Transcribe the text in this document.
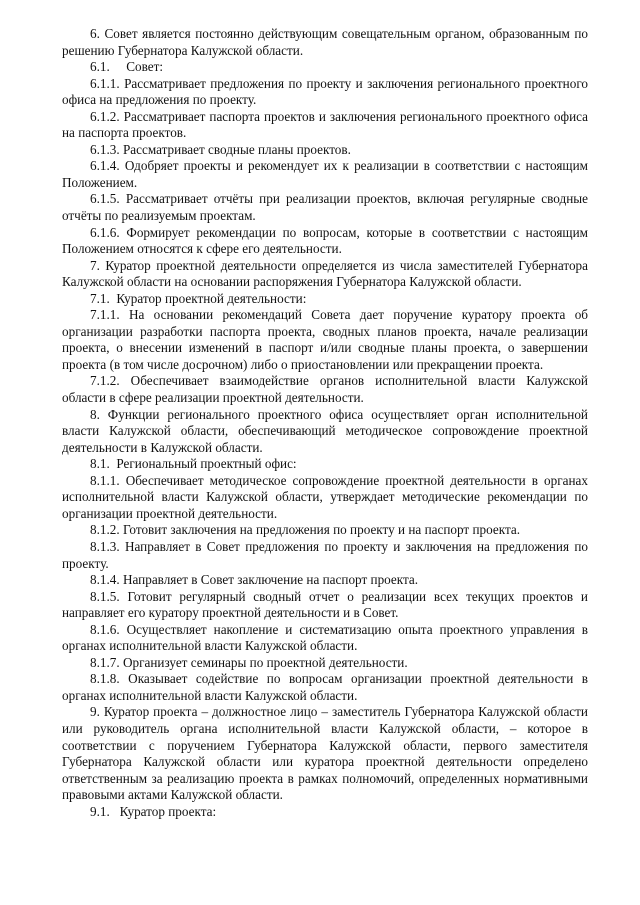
6. Совет является постоянно действующим совещательным органом, образованным по решению Губернатора Калужской области.

6.1.     Совет:

6.1.1. Рассматривает предложения по проекту и заключения регионального проектного офиса на предложения по проекту.

6.1.2. Рассматривает паспорта проектов и заключения регионального проектного офиса на паспорта проектов.

6.1.3. Рассматривает сводные планы проектов.

6.1.4. Одобряет проекты и рекомендует их к реализации в соответствии с настоящим Положением.

6.1.5. Рассматривает отчёты при реализации проектов, включая регулярные сводные отчёты по реализуемым проектам.

6.1.6. Формирует рекомендации по вопросам, которые в соответствии с настоящим Положением относятся к сфере его деятельности.

7. Куратор проектной деятельности определяется из числа заместителей Губернатора Калужской области на основании распоряжения Губернатора Калужской области.

7.1.  Куратор проектной деятельности:

7.1.1. На основании рекомендаций Совета дает поручение куратору проекта об организации разработки паспорта проекта, сводных планов проекта, начале реализации проекта, о внесении изменений в паспорт и/или сводные планы проекта, о завершении проекта (в том числе досрочном) либо о приостановлении или прекращении проекта.

7.1.2. Обеспечивает взаимодействие органов исполнительной власти Калужской области в сфере реализации проектной деятельности.

8. Функции регионального проектного офиса осуществляет орган исполнительной власти Калужской области, обеспечивающий методическое сопровождение проектной деятельности в Калужской области.

8.1.  Региональный проектный офис:

8.1.1. Обеспечивает методическое сопровождение проектной деятельности в органах исполнительной власти Калужской области, утверждает методические рекомендации по организации проектной деятельности.

8.1.2. Готовит заключения на предложения по проекту и на паспорт проекта.

8.1.3. Направляет в Совет предложения по проекту и заключения на предложения по проекту.

8.1.4. Направляет в Совет заключение на паспорт проекта.

8.1.5. Готовит регулярный сводный отчет о реализации всех текущих проектов и направляет его куратору проектной деятельности и в Совет.

8.1.6. Осуществляет накопление и систематизацию опыта проектного управления в органах исполнительной власти Калужской области.

8.1.7. Организует семинары по проектной деятельности.

8.1.8. Оказывает содействие по вопросам организации проектной деятельности в органах исполнительной власти Калужской области.

9. Куратор проекта – должностное лицо – заместитель Губернатора Калужской области или руководитель органа исполнительной власти Калужской области, – которое в соответствии с поручением Губернатора Калужской области, первого заместителя Губернатора Калужской области или куратора проектной деятельности определено ответственным за реализацию проекта в рамках полномочий, определенных нормативными правовыми актами Калужской области.

9.1.   Куратор проекта:
